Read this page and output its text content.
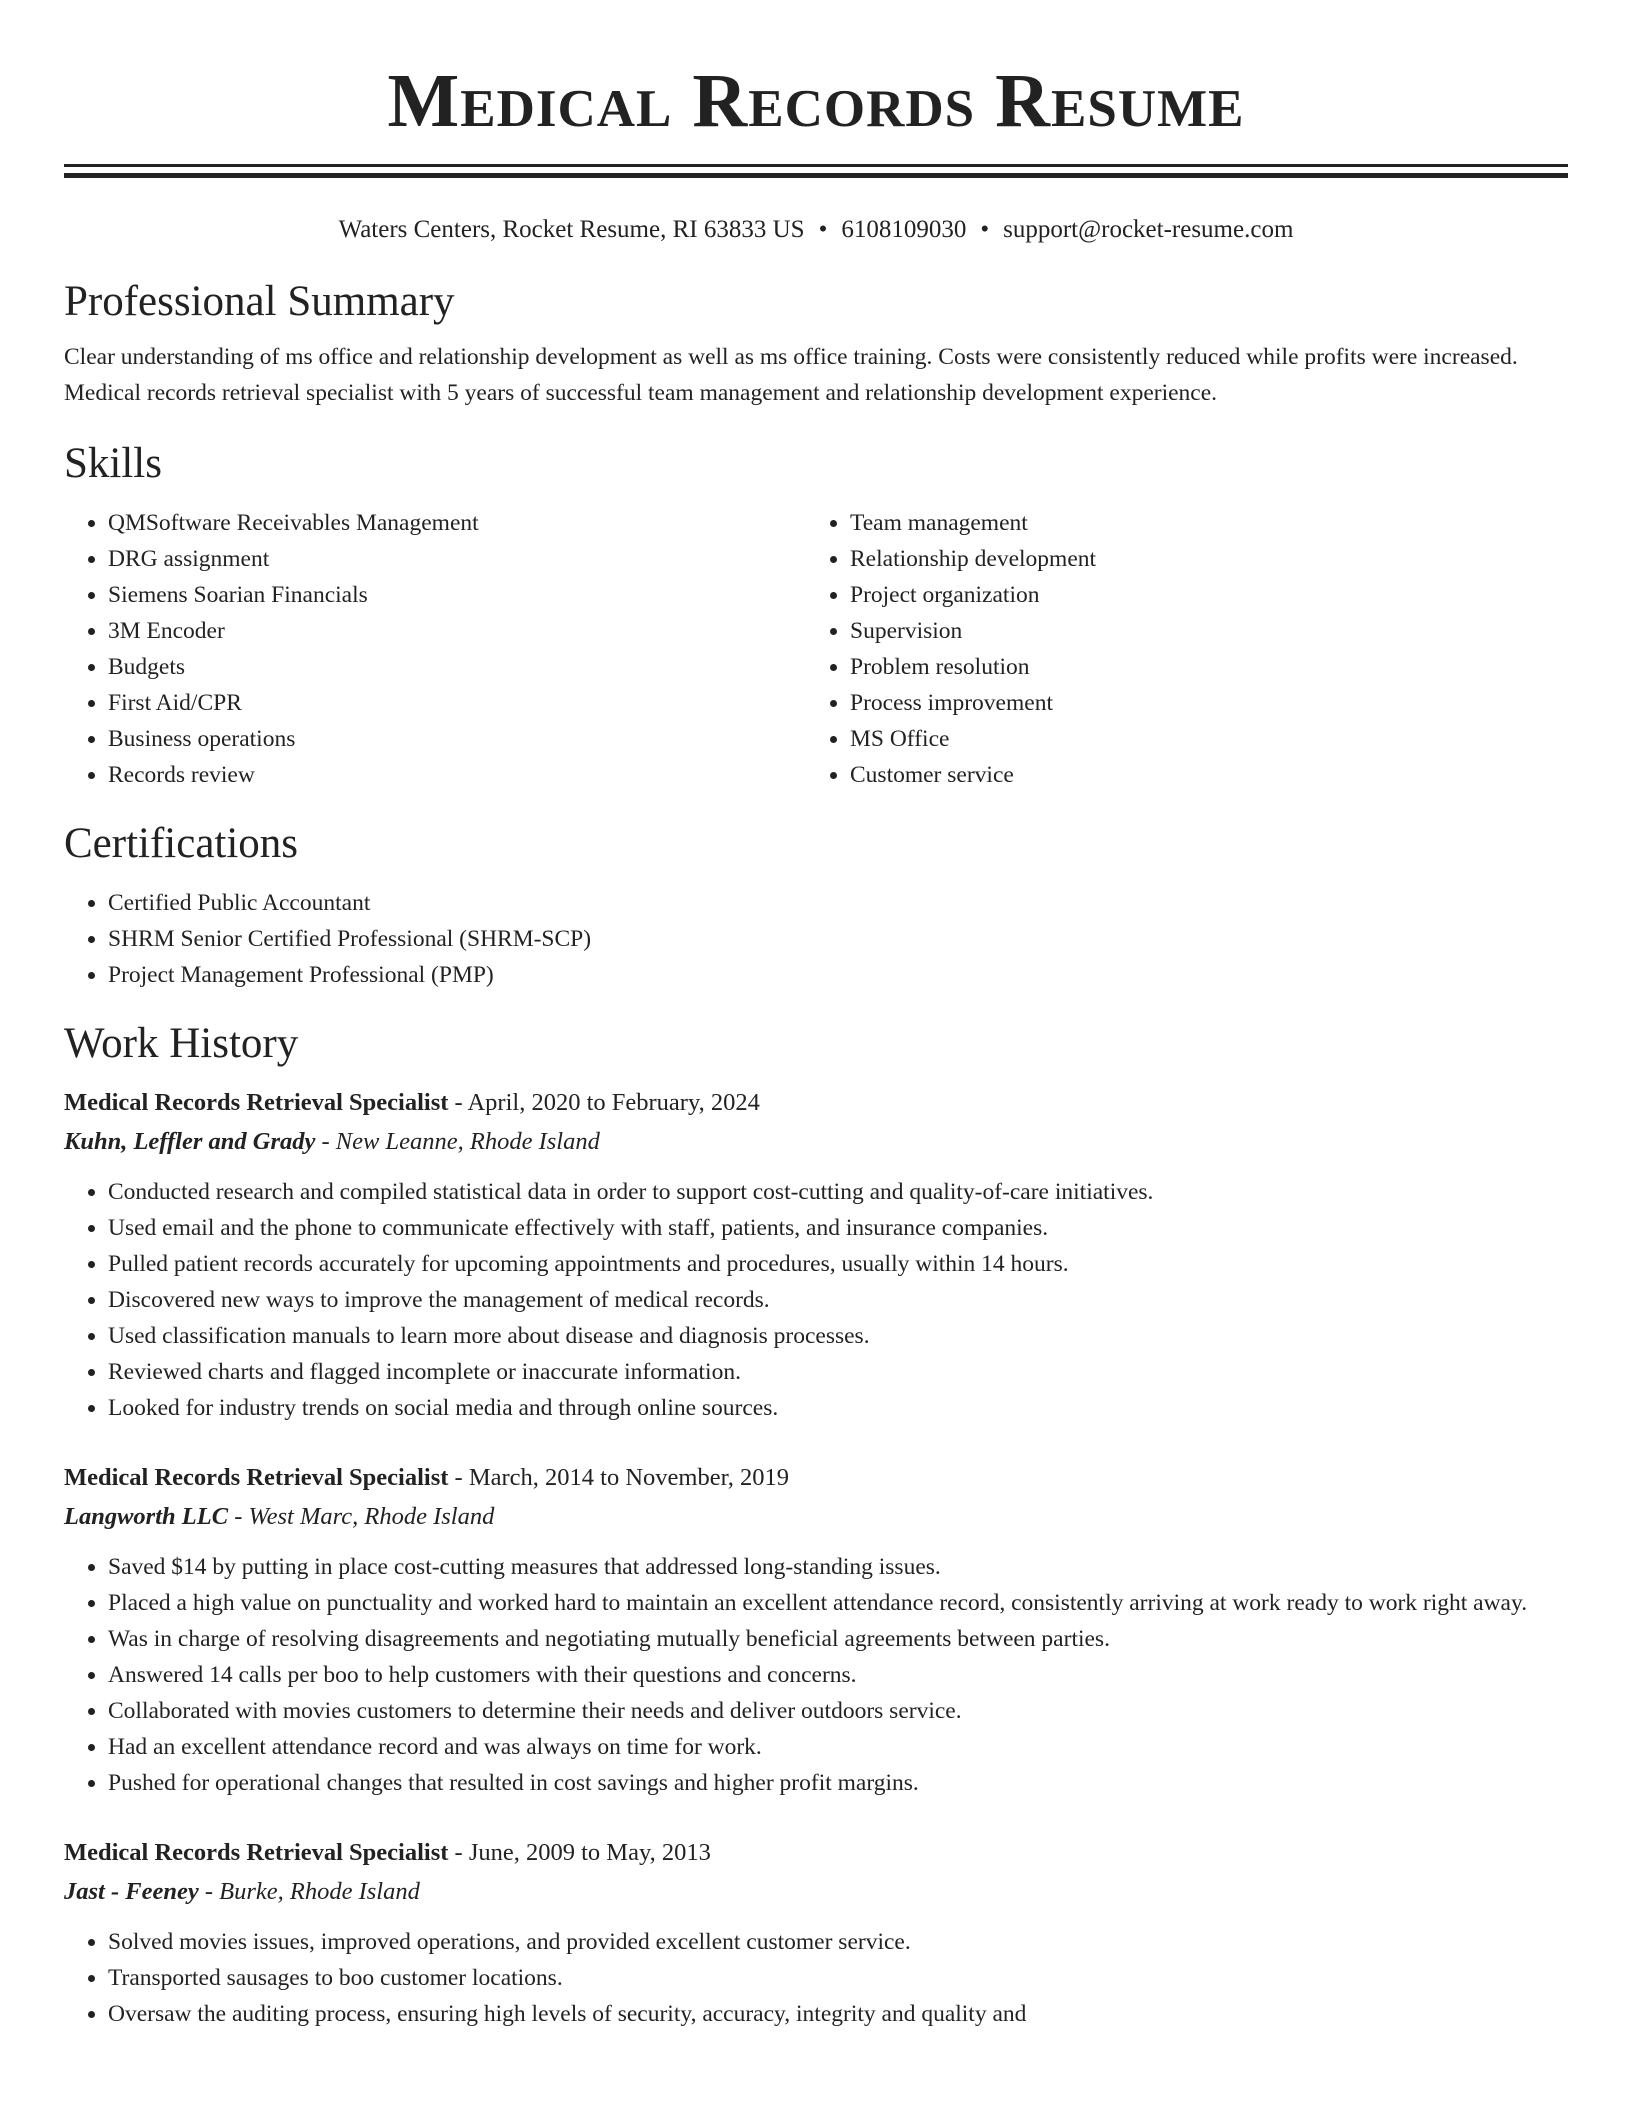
Medical Records Resume
Waters Centers, Rocket Resume, RI 63833 US • 6108109030 • support@rocket-resume.com
Professional Summary

Clear understanding of ms office and relationship development as well as ms office training. Costs were consistently reduced while profits were increased. Medical records retrieval specialist with 5 years of successful team management and relationship development experience.

Skills
• QMSoftware Receivables Management
• DRG assignment
• Siemens Soarian Financials
• 3M Encoder
• Budgets
• First Aid/CPR
• Business operations
• Records review
• Team management
• Relationship development
• Project organization
• Supervision
• Problem resolution
• Process improvement
• MS Office
• Customer service
Certifications
• Certified Public Accountant
• SHRM Senior Certified Professional (SHRM-SCP)
• Project Management Professional (PMP)
Work History

Medical Records Retrieval Specialist - April, 2020 to February, 2024

Kuhn, Leffler and Grady - New Leanne, Rhode Island

• Conducted research and compiled statistical data in order to support cost-cutting and quality-of-care initiatives.
• Used email and the phone to communicate effectively with staff, patients, and insurance companies.
• Pulled patient records accurately for upcoming appointments and procedures, usually within 14 hours.
• Discovered new ways to improve the management of medical records.
• Used classification manuals to learn more about disease and diagnosis processes.
• Reviewed charts and flagged incomplete or inaccurate information.
• Looked for industry trends on social media and through online sources.

Medical Records Retrieval Specialist - March, 2014 to November, 2019

Langworth LLC - West Marc, Rhode Island

• Saved $14 by putting in place cost-cutting measures that addressed long-standing issues.
• Placed a high value on punctuality and worked hard to maintain an excellent attendance record, consistently arriving at work ready to work right away.
• Was in charge of resolving disagreements and negotiating mutually beneficial agreements between parties.
• Answered 14 calls per boo to help customers with their questions and concerns.
• Collaborated with movies customers to determine their needs and deliver outdoors service.
• Had an excellent attendance record and was always on time for work.
• Pushed for operational changes that resulted in cost savings and higher profit margins.

Medical Records Retrieval Specialist - June, 2009 to May, 2013

Jast - Feeney - Burke, Rhode Island

• Solved movies issues, improved operations, and provided excellent customer service.
• Transported sausages to boo customer locations.
• Oversaw the auditing process, ensuring high levels of security, accuracy, integrity and quality and
